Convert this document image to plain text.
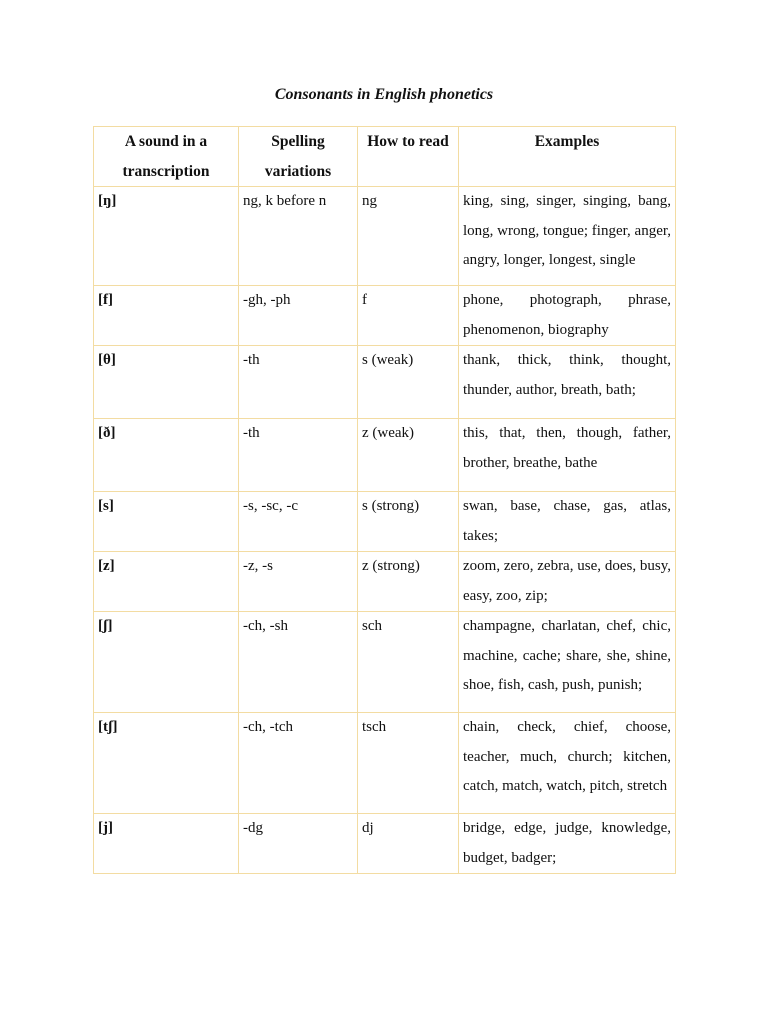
Consonants in English phonetics
A sound in a transcription	Spelling variations	How to read	Examples
[ŋ]	ng, k before n	ng	king, sing, singer, singing, bang, long, wrong, tongue; finger, anger, angry, longer, longest, single
[f]	-gh, -ph	f	phone, photograph, phrase, phenomenon, biography
[θ]	-th	s (weak)	thank, thick, think, thought, thunder, author, breath, bath;
[ð]	-th	z (weak)	this, that, then, though, father, brother, breathe, bathe
[s]	-s, -sc, -c	s (strong)	swan, base, chase, gas, atlas, takes;
[z]	-z, -s	z (strong)	zoom, zero, zebra, use, does, busy, easy, zoo, zip;
[ʃ]	-ch, -sh	sch	champagne, charlatan, chef, chic, machine, cache; share, she, shine, shoe, fish, cash, push, punish;
[tʃ]	-ch, -tch	tsch	chain, check, chief, choose, teacher, much, church; kitchen, catch, match, watch, pitch, stretch
[j]	-dg	dj	bridge, edge, judge, knowledge, budget, badger;
